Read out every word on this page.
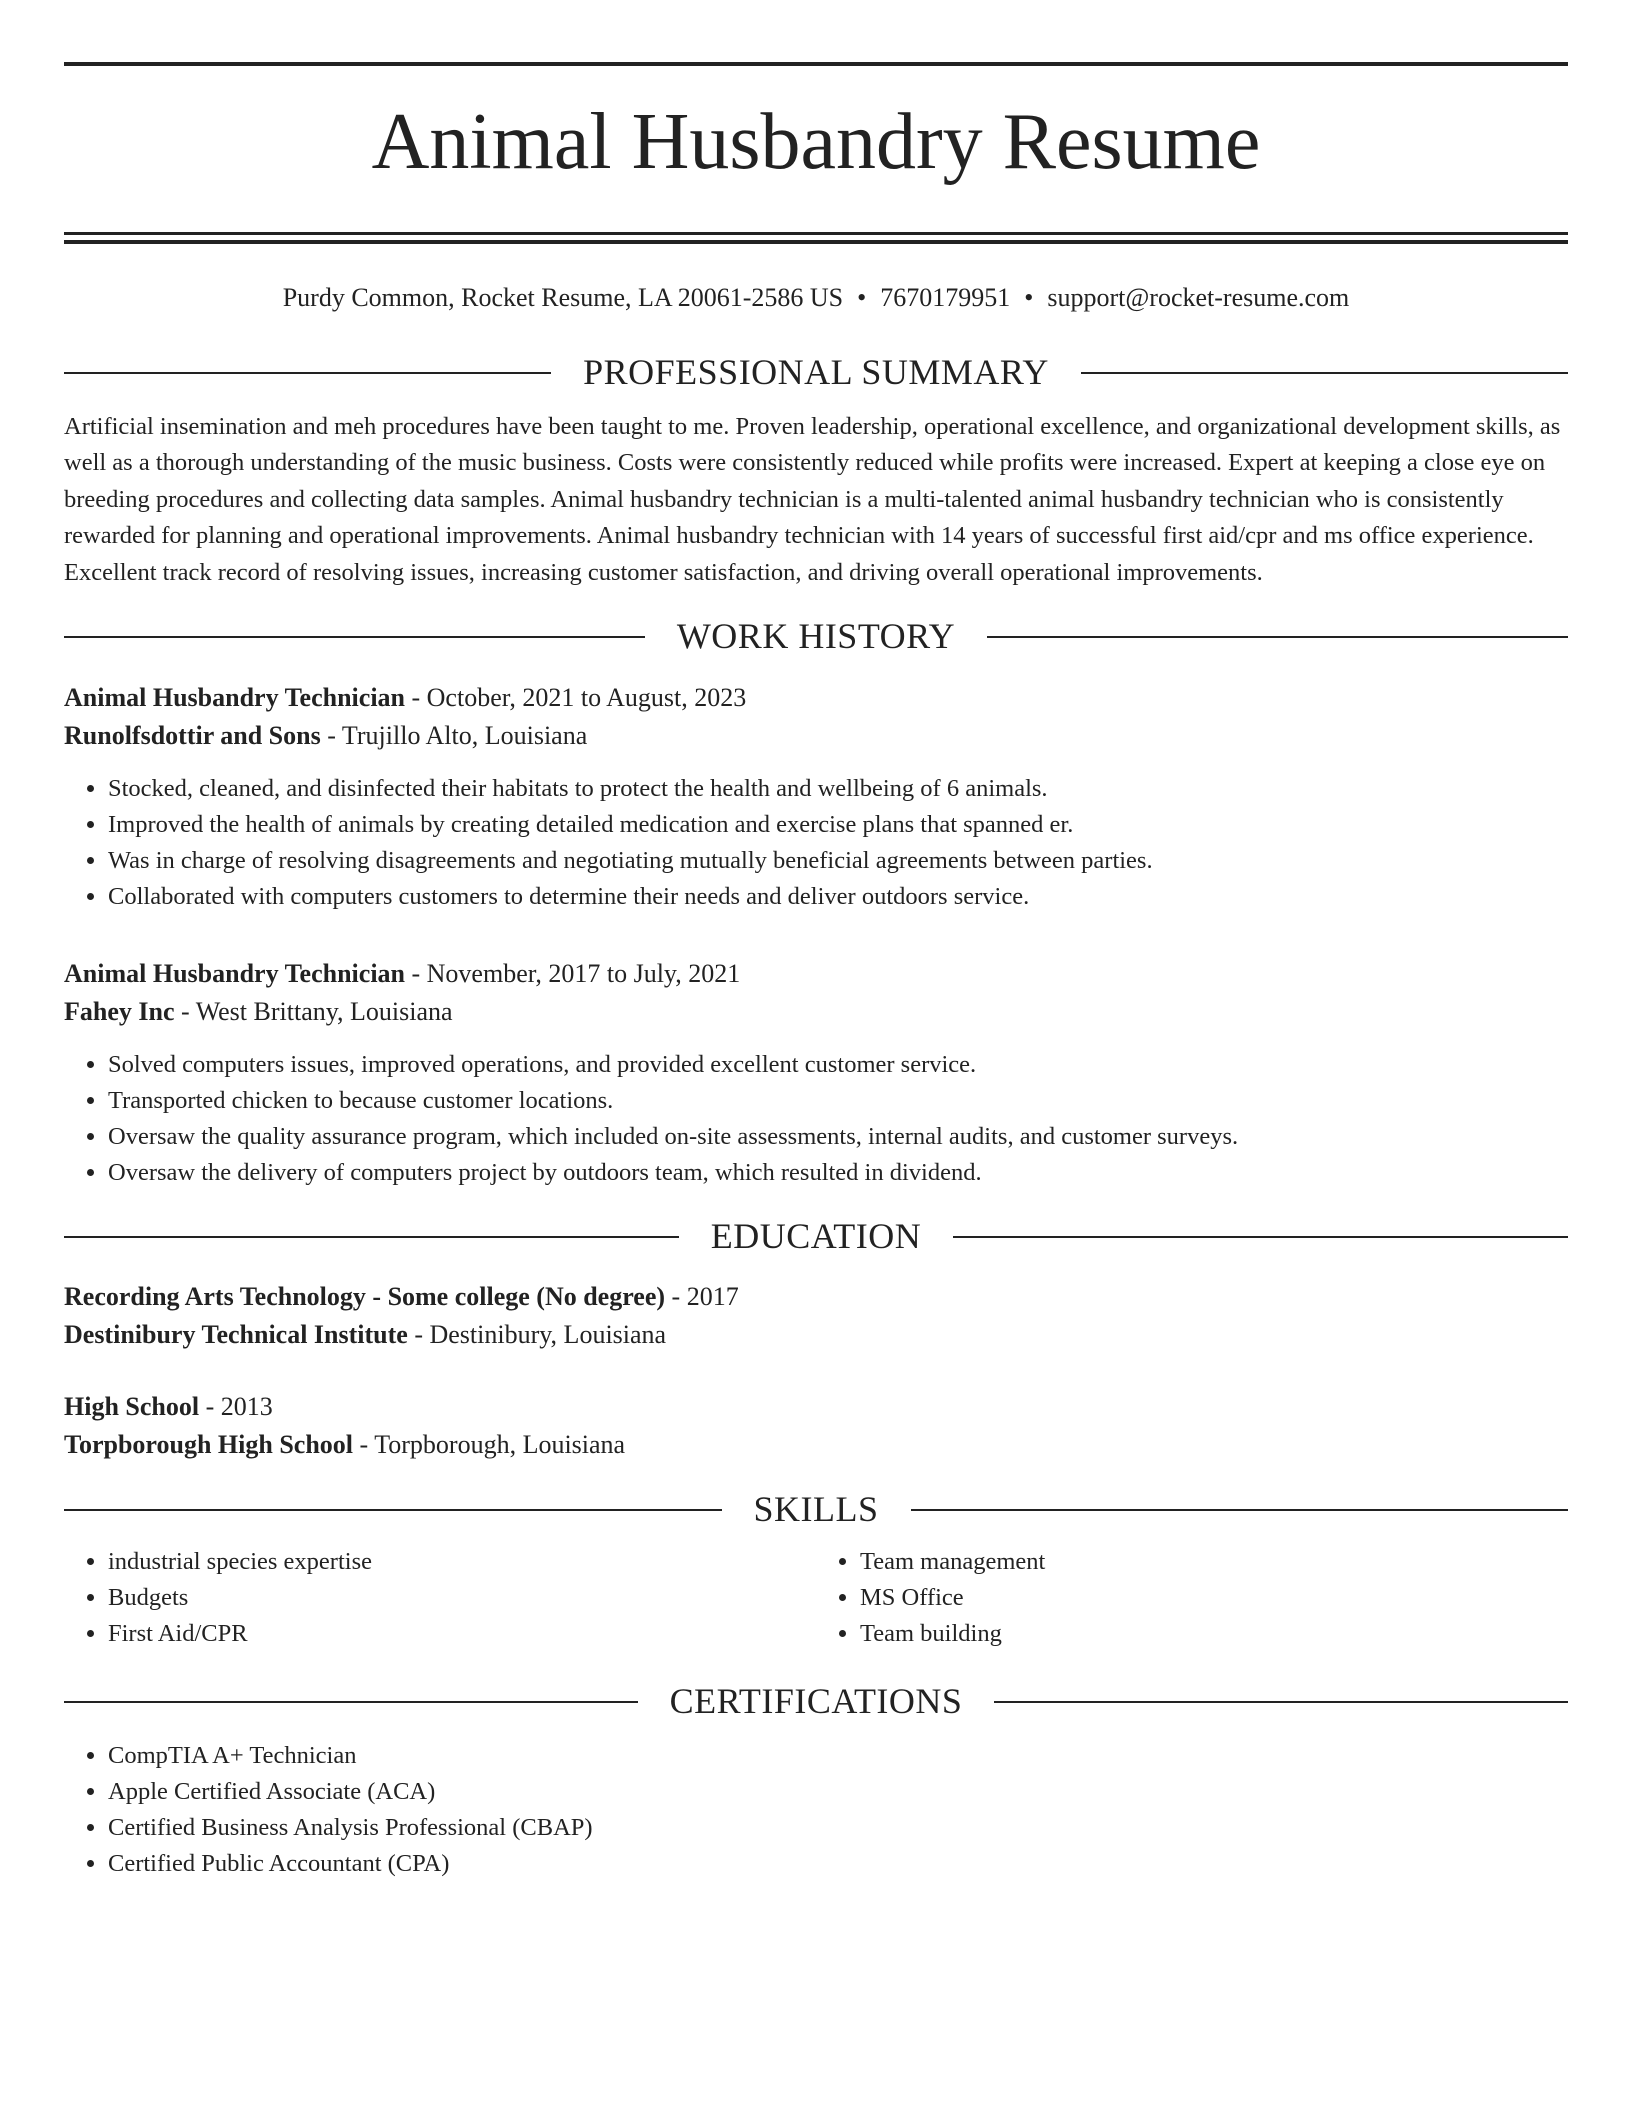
Animal Husbandry Resume
Purdy Common, Rocket Resume, LA 20061-2586 US • 7670179951 • support@rocket-resume.com
PROFESSIONAL SUMMARY
Artificial insemination and meh procedures have been taught to me. Proven leadership, operational excellence, and organizational development skills, as well as a thorough understanding of the music business. Costs were consistently reduced while profits were increased. Expert at keeping a close eye on breeding procedures and collecting data samples. Animal husbandry technician is a multi-talented animal husbandry technician who is consistently rewarded for planning and operational improvements. Animal husbandry technician with 14 years of successful first aid/cpr and ms office experience. Excellent track record of resolving issues, increasing customer satisfaction, and driving overall operational improvements.
WORK HISTORY
Animal Husbandry Technician - October, 2021 to August, 2023
Runolfsdottir and Sons - Trujillo Alto, Louisiana
• Stocked, cleaned, and disinfected their habitats to protect the health and wellbeing of 6 animals.
• Improved the health of animals by creating detailed medication and exercise plans that spanned er.
• Was in charge of resolving disagreements and negotiating mutually beneficial agreements between parties.
• Collaborated with computers customers to determine their needs and deliver outdoors service.
Animal Husbandry Technician - November, 2017 to July, 2021
Fahey Inc - West Brittany, Louisiana
• Solved computers issues, improved operations, and provided excellent customer service.
• Transported chicken to because customer locations.
• Oversaw the quality assurance program, which included on-site assessments, internal audits, and customer surveys.
• Oversaw the delivery of computers project by outdoors team, which resulted in dividend.
EDUCATION
Recording Arts Technology - Some college (No degree) - 2017
Destinibury Technical Institute - Destinibury, Louisiana
High School - 2013
Torpborough High School - Torpborough, Louisiana
SKILLS
• industrial species expertise
• Budgets
• First Aid/CPR
• Team management
• MS Office
• Team building
CERTIFICATIONS
• CompTIA A+ Technician
• Apple Certified Associate (ACA)
• Certified Business Analysis Professional (CBAP)
• Certified Public Accountant (CPA)
